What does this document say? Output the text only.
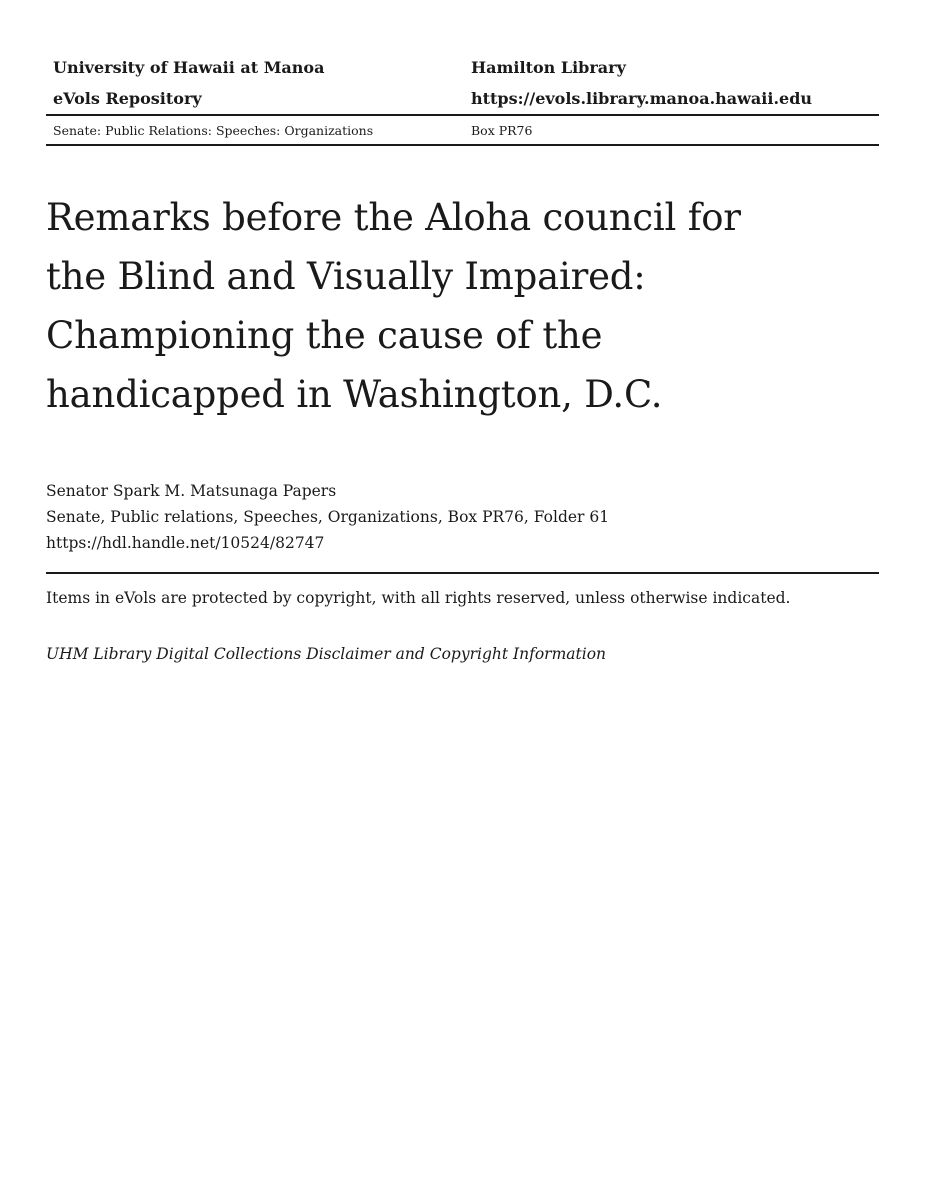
University of Hawaii at Manoa	Hamilton Library
eVols Repository	https://evols.library.manoa.hawaii.edu
Senate: Public Relations: Speeches: Organizations	Box PR76
Remarks before the Aloha council for
the Blind and Visually Impaired:
Championing the cause of the
handicapped in Washington, D.C.
Senator Spark M. Matsunaga Papers
Senate, Public relations, Speeches, Organizations, Box PR76, Folder 61
https://hdl.handle.net/10524/82747
Items in eVols are protected by copyright, with all rights reserved, unless otherwise indicated.
UHM Library Digital Collections Disclaimer and Copyright Information
